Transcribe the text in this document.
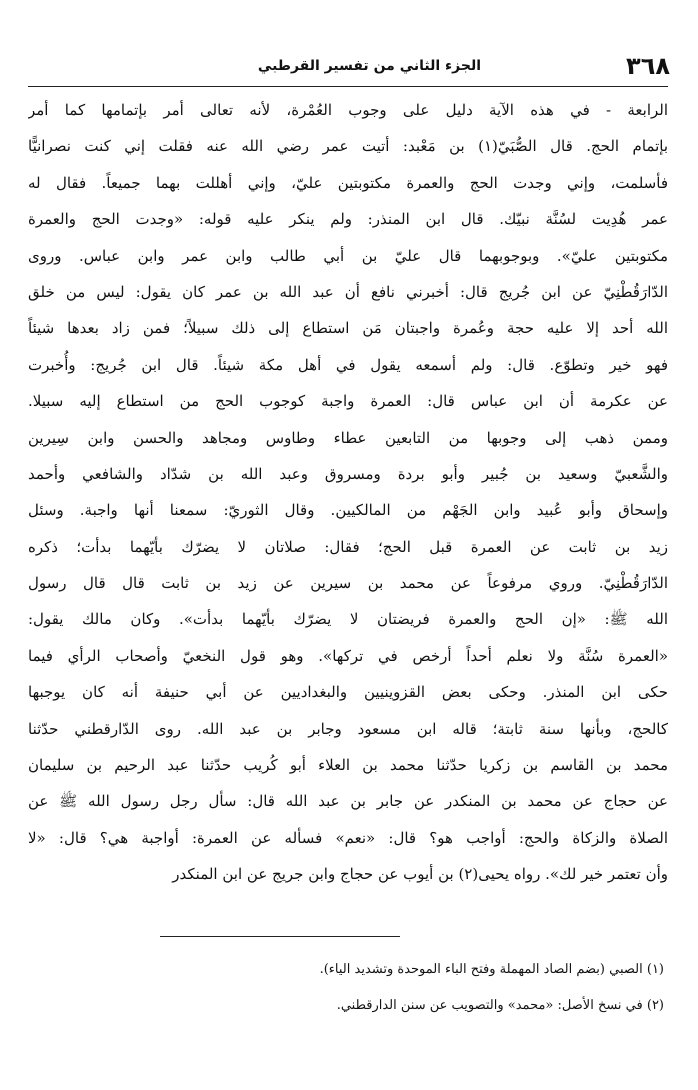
٣٦٨
الجزء الثاني من تفسير القرطبي
الرابعة - في هذه الآية دليل على وجوب العُمْرة، لأنه تعالى أمر بإتمامها كما أمر
بإتمام الحج. قال الصُّبَيّ(١) بن مَعْبد: أتيت عمر رضي الله عنه فقلت إني كنت نصرانيًّا
فأسلمت، وإني وجدت الحج والعمرة مكتوبتين عليّ، وإني أهللت بهما جميعاً. فقال له
عمر هُدِيت لسُنَّة نبيّك. قال ابن المنذر: ولم ينكر عليه قوله: «وجدت الحج والعمرة
مكتوبتين عليّ». وبوجوبهما قال عليّ بن أبي طالب وابن عمر وابن عباس. وروى
الدّارَقُطْنِيّ عن ابن جُريج قال: أخبرني نافع أن عبد الله بن عمر كان يقول: ليس من خلق
الله أحد إلا عليه حجة وعُمرة واجبتان مَن استطاع إلى ذلك سبيلاً؛ فمن زاد بعدها شيئاً
فهو خير وتطوّع. قال: ولم أسمعه يقول في أهل مكة شيئاً. قال ابن جُريج: وأُخبرت
عن عكرمة أن ابن عباس قال: العمرة واجبة كوجوب الحج من استطاع إليه سبيلا.
وممن ذهب إلى وجوبها من التابعين عطاء وطاوس ومجاهد والحسن وابن سِيرين
والشَّعبيّ وسعيد بن جُبير وأبو بردة ومسروق وعبد الله بن شدّاد والشافعي وأحمد
وإسحاق وأبو عُبيد وابن الجَهْم من المالكيين. وقال الثوريّ: سمعنا أنها واجبة. وسئل
زيد بن ثابت عن العمرة قبل الحج؛ فقال: صلاتان لا يضرّك بأيّهما بدأت؛ ذكره
الدّارَقُطْنِيّ. وروي مرفوعاً عن محمد بن سيرين عن زيد بن ثابت قال قال رسول
الله ﷺ: «إن الحج والعمرة فريضتان لا يضرّك بأيّهما بدأت». وكان مالك يقول:
«العمرة سُنَّة ولا نعلم أحداً أرخص في تركها». وهو قول النخعيّ وأصحاب الرأي فيما
حكى ابن المنذر. وحكى بعض القزوينيين والبغداديين عن أبي حنيفة أنه كان يوجبها
كالحج، وبأنها سنة ثابتة؛ قاله ابن مسعود وجابر بن عبد الله. روى الدّارقطني حدّثنا
محمد بن القاسم بن زكريا حدّثنا محمد بن العلاء أبو كُريب حدّثنا عبد الرحيم بن سليمان
عن حجاج عن محمد بن المنكدر عن جابر بن عبد الله قال: سأل رجل رسول الله ﷺ عن
الصلاة والزكاة والحج: أواجب هو؟ قال: «نعم» فسأله عن العمرة: أواجبة هي؟ قال: «لا
وأن تعتمر خير لك». رواه يحيى(٢) بن أيوب عن حجاج وابن جريج عن ابن المنكدر
(١) الصبي (بضم الصاد المهملة وفتح الباء الموحدة وتشديد الياء).
(٢) في نسخ الأصل: «محمد» والتصويب عن سنن الدارقطني.
